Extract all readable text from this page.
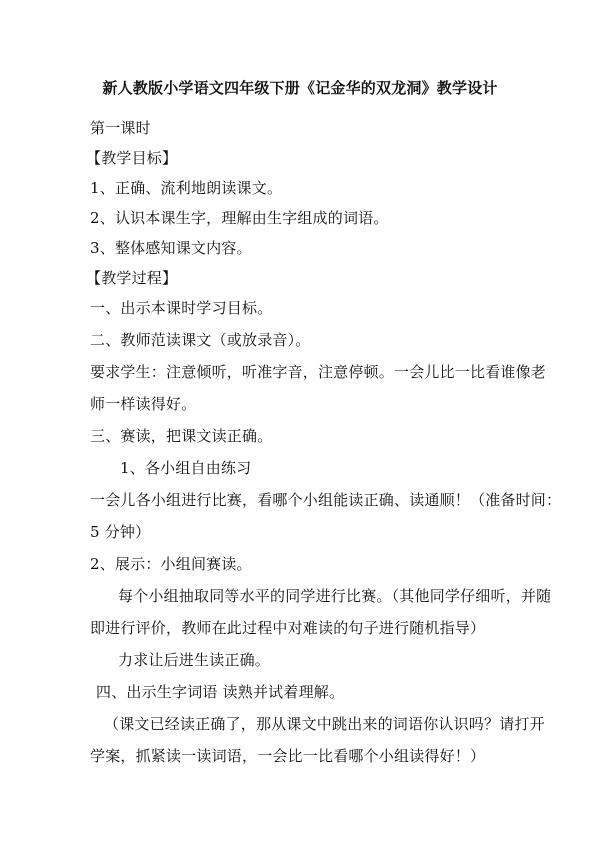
新人教版小学语文四年级下册《记金华的双龙洞》教学设计
第一课时
【教学目标】
1、正确、流利地朗读课文。
2、认识本课生字，理解由生字组成的词语。
3、整体感知课文内容。
【教学过程】
一、出示本课时学习目标。
二、教师范读课文（或放录音）。
要求学生：注意倾听，听准字音，注意停顿。一会儿比一比看谁像老
师一样读得好。
三、赛读，把课文读正确。
1、各小组自由练习
一会儿各小组进行比赛，看哪个小组能读正确、读通顺！（准备时间：
5 分钟）
2、展示：小组间赛读。
每个小组抽取同等水平的同学进行比赛。（其他同学仔细听，并随
即进行评价，教师在此过程中对难读的句子进行随机指导）
力求让后进生读正确。
四、出示生字词语 读熟并试着理解。
（课文已经读正确了，那从课文中跳出来的词语你认识吗？请打开
学案，抓紧读一读词语，一会比一比看哪个小组读得好！）
